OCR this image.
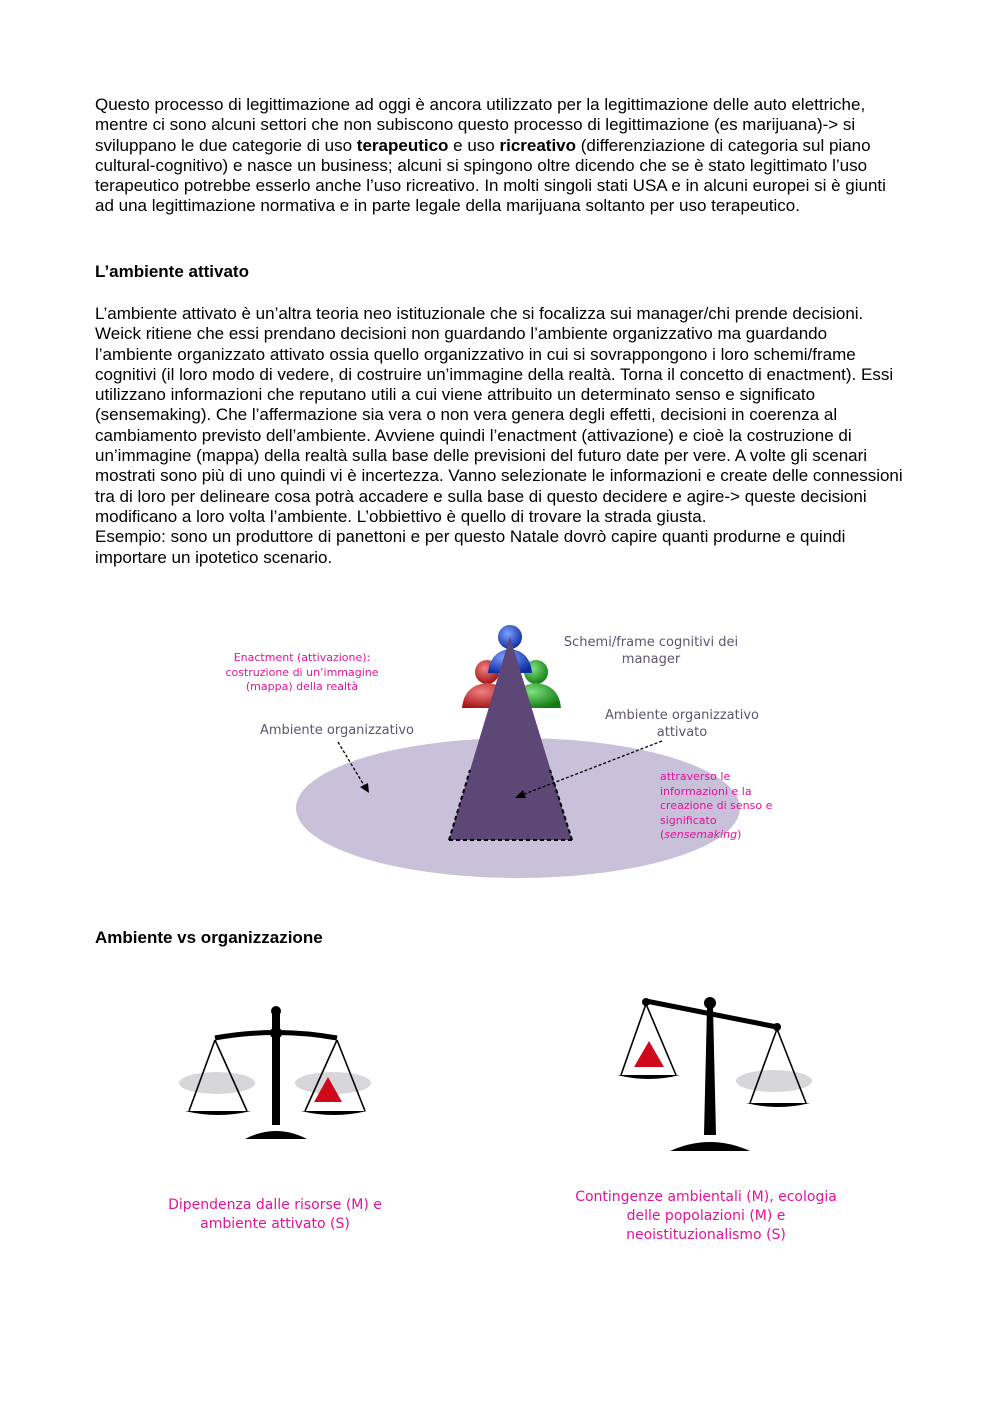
Questo processo di legittimazione ad oggi è ancora utilizzato per la legittimazione delle auto elettriche, mentre ci sono alcuni settori che non subiscono questo processo di legittimazione (es marijuana)-> si sviluppano le due categorie di uso terapeutico e uso ricreativo (differenziazione di categoria sul piano cultural-cognitivo) e nasce un business; alcuni si spingono oltre dicendo che se è stato legittimato l’uso terapeutico potrebbe esserlo anche l’uso ricreativo. In molti singoli stati USA e in alcuni europei si è giunti ad una legittimazione normativa e in parte legale della marijuana soltanto per uso terapeutico.

L’ambiente attivato

L’ambiente attivato è un’altra teoria neo istituzionale che si focalizza sui manager/chi prende decisioni. Weick ritiene che essi prendano decisioni non guardando l’ambiente organizzativo ma guardando l’ambiente organizzato attivato ossia quello organizzativo in cui si sovrappongono i loro schemi/frame cognitivi (il loro modo di vedere, di costruire un’immagine della realtà. Torna il concetto di enactment). Essi utilizzano informazioni che reputano utili a cui viene attribuito un determinato senso e significato (sensemaking). Che l’affermazione sia vera o non vera genera degli effetti, decisioni in coerenza al cambiamento previsto dell’ambiente. Avviene quindi l’enactment (attivazione) e cioè la costruzione di un’immagine (mappa) della realtà sulla base delle previsioni del futuro date per vere. A volte gli scenari mostrati sono più di uno quindi vi è incertezza. Vanno selezionate le informazioni e create delle connessioni tra di loro per delineare cosa potrà accadere e sulla base di questo decidere e agire-> queste decisioni modificano a loro volta l’ambiente. L’obbiettivo è quello di trovare la strada giusta.

Esempio: sono un produttore di panettoni e per questo Natale dovrò capire quanti produrne e quindi importare un ipotetico scenario.

Enactment (attivazione): costruzione di un’immagine (mappa) della realtà
Schemi/frame cognitivi dei manager
Ambiente organizzativo
Ambiente organizzativo attivato
attraverso le informazioni e la creazione di senso e significato (sensemaking)
Ambiente vs organizzazione
Dipendenza dalle risorse (M) e ambiente attivato (S)
Contingenze ambientali (M), ecologia delle popolazioni (M) e neoistituzionalismo (S)
